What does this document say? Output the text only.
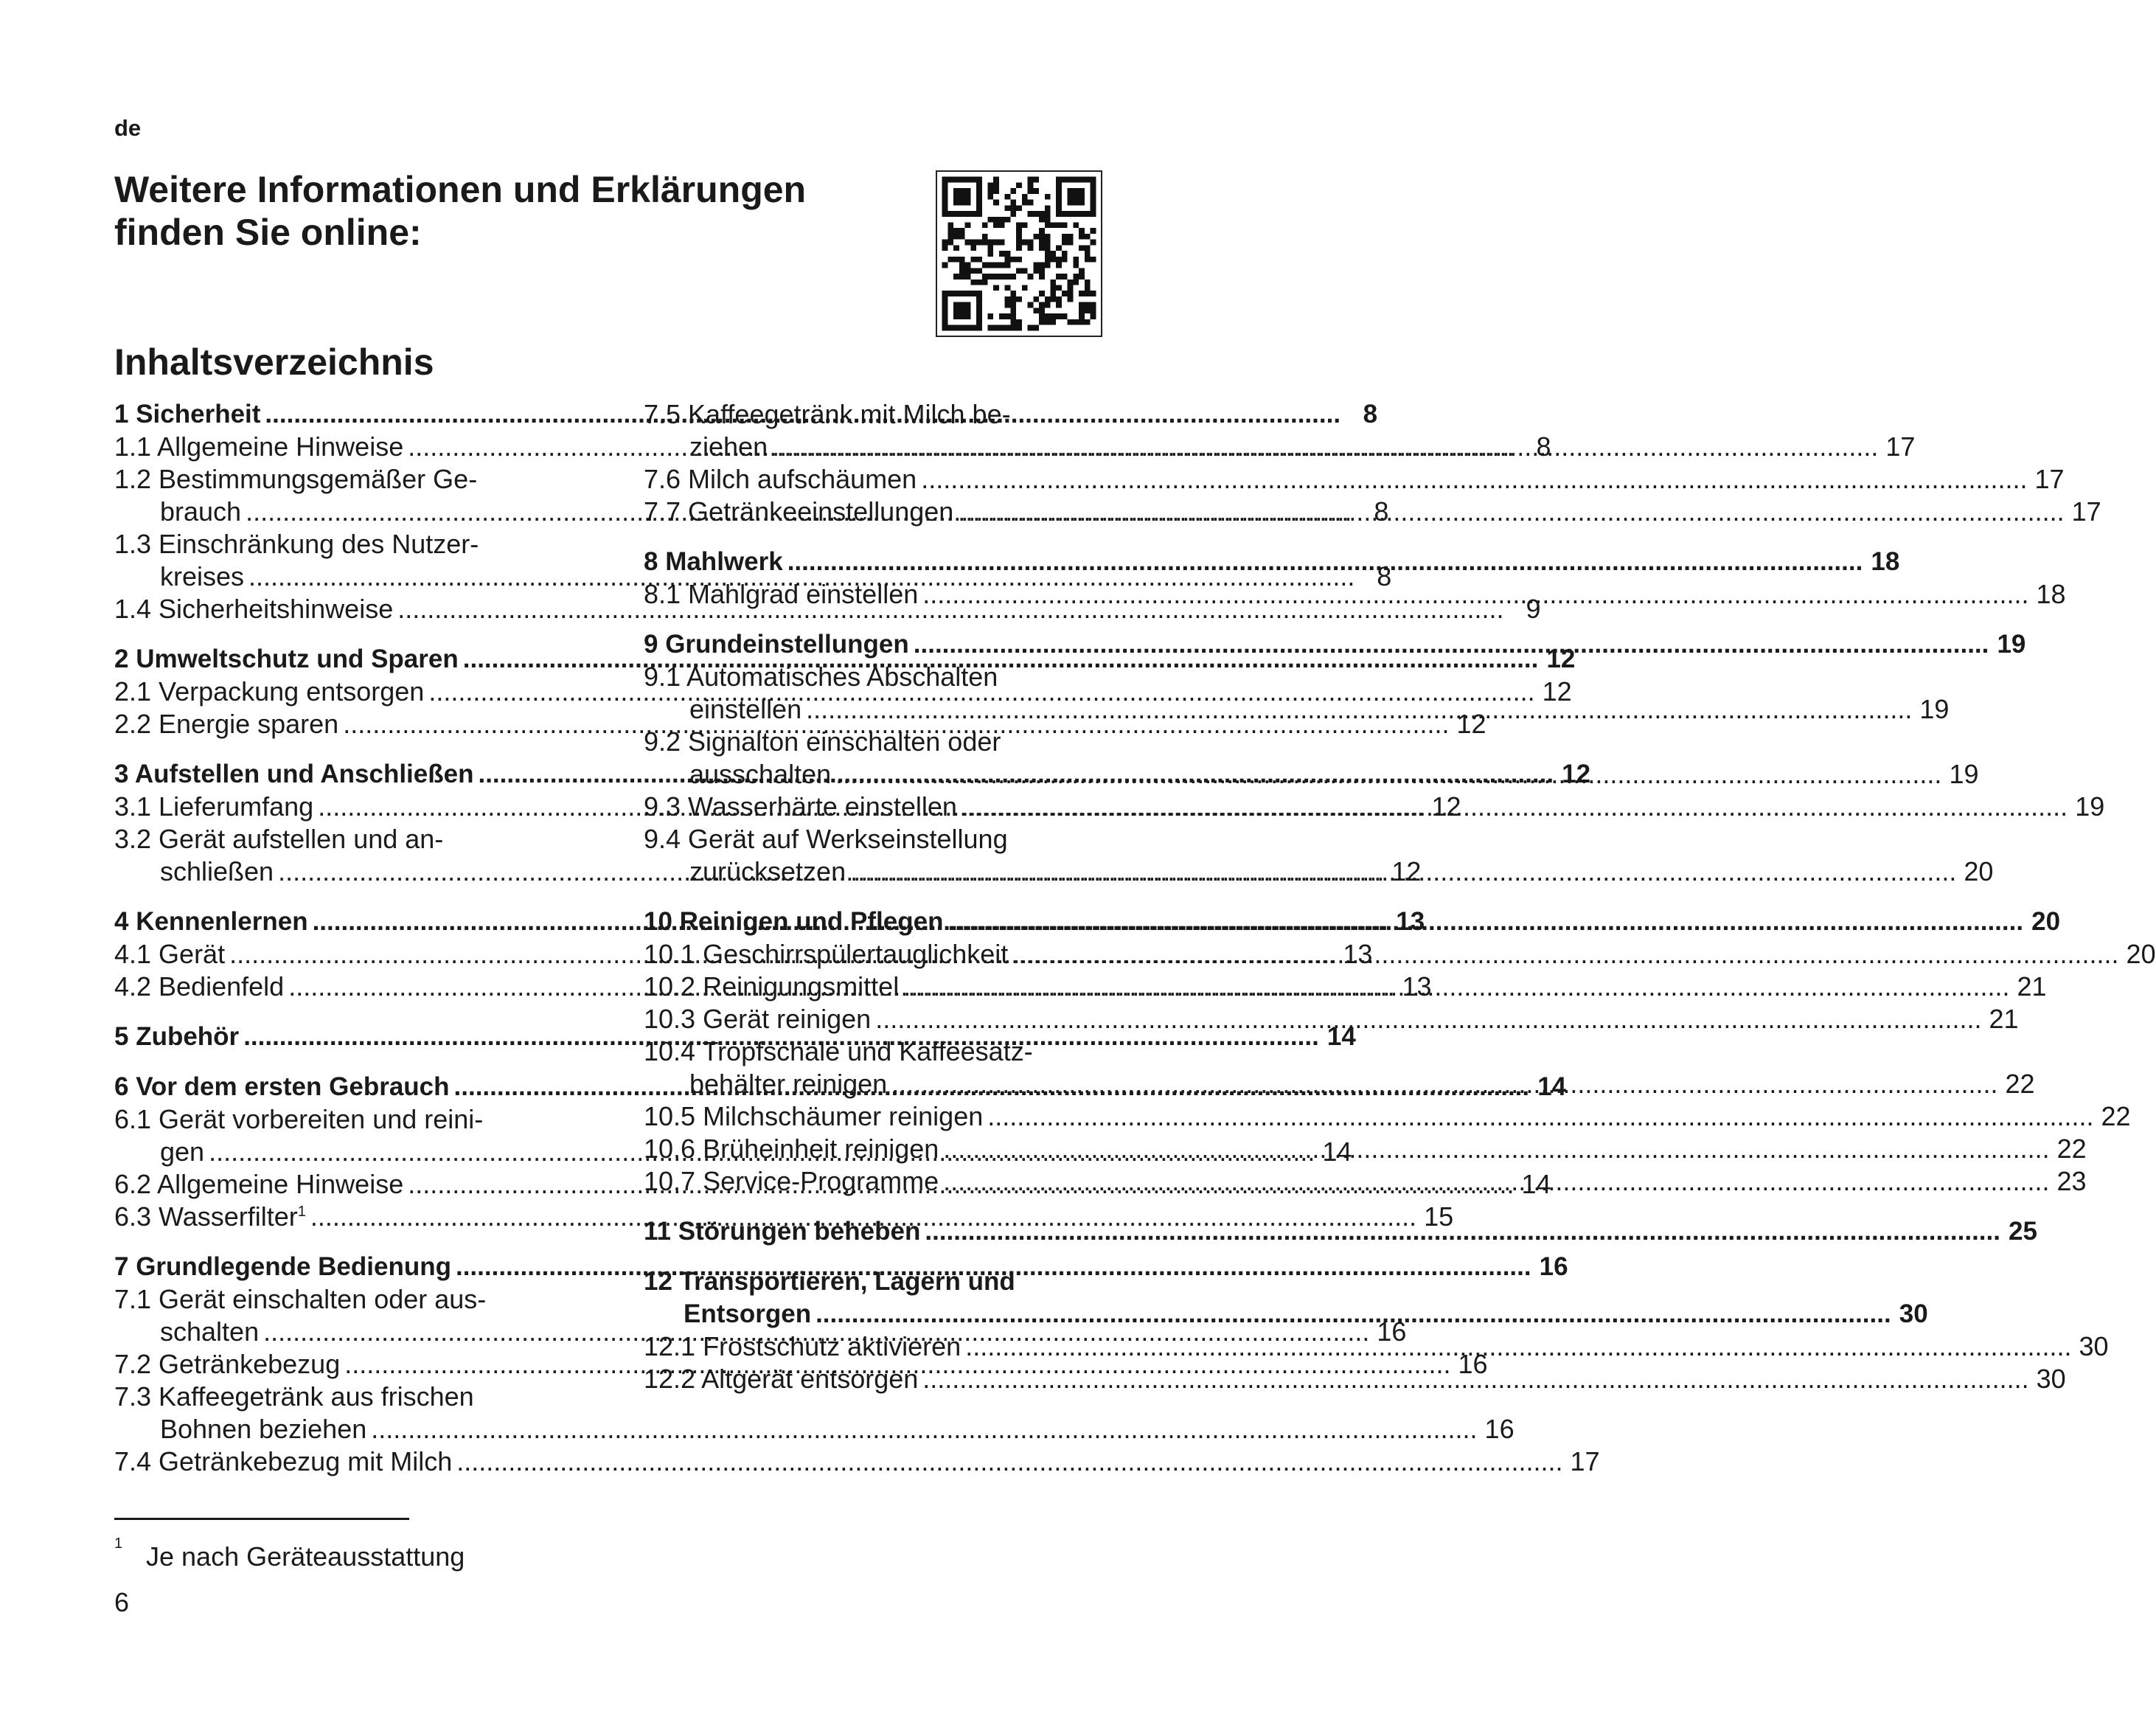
de
Weitere Informationen und Erklärungen finden Sie online:
Inhaltsverzeichnis
1 Sicherheit .....	8
1.1 Allgemeine Hinweise .....	8
1.2 Bestimmungsgemäßer Ge-
brauch .....	8
1.3 Einschränkung des Nutzer-
kreises .....	8
1.4 Sicherheitshinweise .....	9
2 Umweltschutz und Sparen .....	12
2.1 Verpackung entsorgen .....	12
2.2 Energie sparen .....	12
3 Aufstellen und Anschließen .....	12
3.1 Lieferumfang .....	12
3.2 Gerät aufstellen und an-
schließen .....	12
4 Kennenlernen .....	13
4.1 Gerät .....	13
4.2 Bedienfeld .....	13
5 Zubehör .....	14
6 Vor dem ersten Gebrauch .....	14
6.1 Gerät vorbereiten und reini-
gen .....	14
6.2 Allgemeine Hinweise .....	14
6.3 Wasserfilter$^1$ .....	15
7 Grundlegende Bedienung .....	16
7.1 Gerät einschalten oder aus-
schalten .....	16
7.2 Getränkebezug .....	16
7.3 Kaffeegetränk aus frischen
Bohnen beziehen .....	16
7.4 Getränkebezug mit Milch .....	17
7.5 Kaffeegetränk mit Milch be-
ziehen .....	17
7.6 Milch aufschäumen .....	17
7.7 Getränkeeinstellungen .....	17
8 Mahlwerk .....	18
8.1 Mahlgrad einstellen .....	18
9 Grundeinstellungen .....	19
9.1 Automatisches Abschalten
einstellen .....	19
9.2 Signalton einschalten oder
ausschalten .....	19
9.3 Wasserhärte einstellen .....	19
9.4 Gerät auf Werkseinstellung
zurücksetzen .....	20
10 Reinigen und Pflegen .....	20
10.1 Geschirrspülertauglichkeit .....	20
10.2 Reinigungsmittel .....	21
10.3 Gerät reinigen .....	21
10.4 Tropfschale und Kaffeesatz-
behälter reinigen .....	22
10.5 Milchschäumer reinigen .....	22
10.6 Brüheinheit reinigen .....	22
10.7 Service-Programme .....	23
11 Störungen beheben .....	25
12 Transportieren, Lagern und
Entsorgen .....	30
12.1 Frostschutz aktivieren .....	30
12.2 Altgerät entsorgen .....	30
1 Je nach Geräteausstattung
6
